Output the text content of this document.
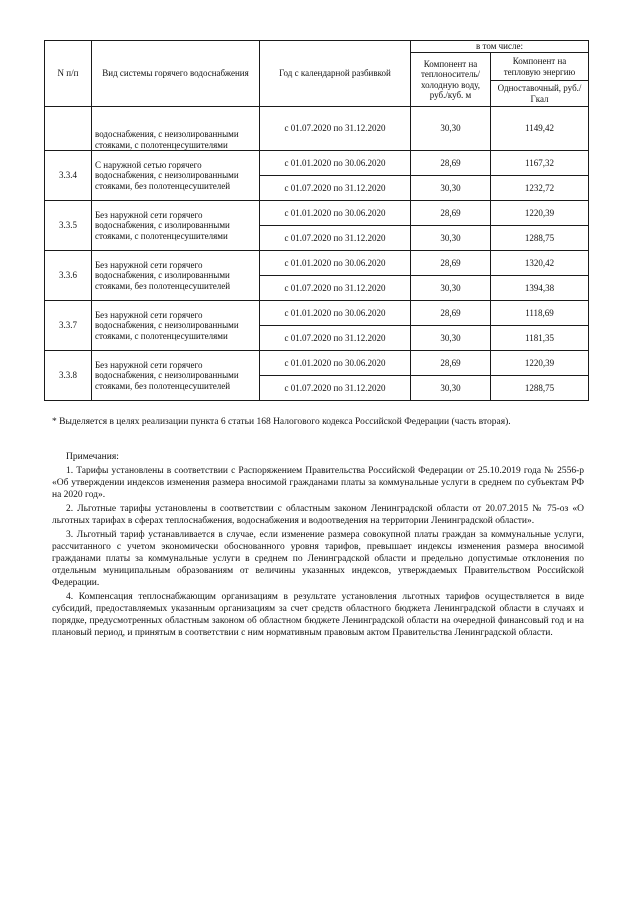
N п/п	Вид системы горячего водоснабжения	Год с календарной разбивкой	в том числе:	
			Компонент на теплоноситель/холодную воду, руб./куб. м	Компонент на тепловую энергию
				Одноставочный, руб./Гкал
	водоснабжения, с неизолированными стояками, с полотенцесушителями	с 01.07.2020 по 31.12.2020	30,30	1149,42
3.3.4	С наружной сетью горячего водоснабжения, с неизолированными стояками, без полотенцесушителей	с 01.01.2020 по 30.06.2020	28,69	1167,32
		с 01.07.2020 по 31.12.2020	30,30	1232,72
3.3.5	Без наружной сети горячего водоснабжения, с изолированными стояками, с полотенцесушителями	с 01.01.2020 по 30.06.2020	28,69	1220,39
		с 01.07.2020 по 31.12.2020	30,30	1288,75
3.3.6	Без наружной сети горячего водоснабжения, с изолированными стояками, без полотенцесушителей	с 01.01.2020 по 30.06.2020	28,69	1320,42
		с 01.07.2020 по 31.12.2020	30,30	1394,38
3.3.7	Без наружной сети горячего водоснабжения, с неизолированными стояками, с полотенцесушителями	с 01.01.2020 по 30.06.2020	28,69	1118,69
		с 01.07.2020 по 31.12.2020	30,30	1181,35
3.3.8	Без наружной сети горячего водоснабжения, с неизолированными стояками, без полотенцесушителей	с 01.01.2020 по 30.06.2020	28,69	1220,39
		с 01.07.2020 по 31.12.2020	30,30	1288,75

* Выделяется в целях реализации пункта 6 статьи 168 Налогового кодекса Российской Федерации (часть вторая).

Примечания:

1. Тарифы установлены в соответствии с Распоряжением Правительства Российской Федерации от 25.10.2019 года № 2556-р «Об утверждении индексов изменения размера вносимой гражданами платы за коммунальные услуги в среднем по субъектам РФ на 2020 год».

2. Льготные тарифы установлены в соответствии с областным законом Ленинградской области от 20.07.2015 № 75-оз «О льготных тарифах в сферах теплоснабжения, водоснабжения и водоотведения на территории Ленинградской области».

3. Льготный тариф устанавливается в случае, если изменение размера совокупной платы граждан за коммунальные услуги, рассчитанного с учетом экономически обоснованного уровня тарифов, превышает индексы изменения размера вносимой гражданами платы за коммунальные услуги в среднем по Ленинградской области и предельно допустимые отклонения по отдельным муниципальным образованиям от величины указанных индексов, утверждаемых Правительством Российской Федерации.

4. Компенсация теплоснабжающим организациям в результате установления льготных тарифов осуществляется в виде субсидий, предоставляемых указанным организациям за счет средств областного бюджета Ленинградской области в случаях и порядке, предусмотренных областным законом об областном бюджете Ленинградской области на очередной финансовый год и на плановый период, и принятым в соответствии с ним нормативным правовым актом Правительства Ленинградской области.
